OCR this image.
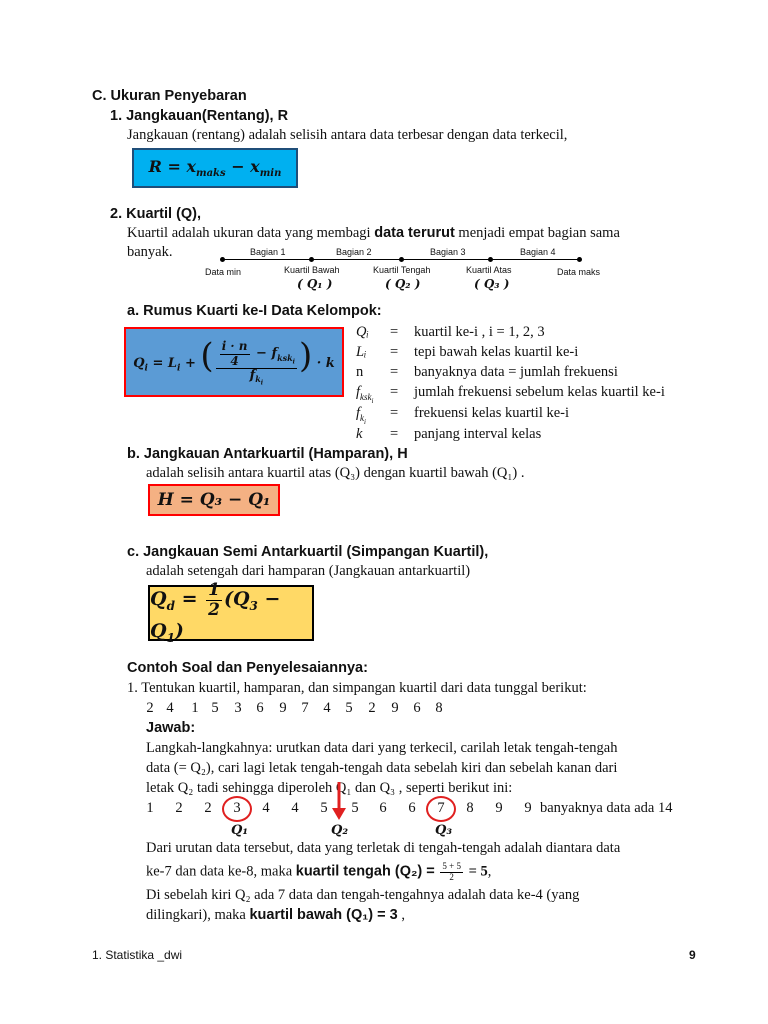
C. Ukuran Penyebaran
1. Jangkauan(Rentang), R
Jangkauan (rentang) adalah selisih antara data terbesar dengan data terkecil,
$R = x_{maks} - x_{min}$
2. Kuartil (Q),
Kuartil adalah ukuran data yang membagi data terurut menjadi empat bagian sama
banyak.	Bagian 1	Bagian 2	Bagian 3	Bagian 4
Data min	Kuartil Bawah	Kuartil Tengah	Kuartil Atas	Data maks
( Q₁ )	( Q₂ )	( Q₃ )
a. Rumus Kuarti ke-I Data Kelompok:
$Q_i = L_i$ + ( $\frac{\frac{i \cdot n}{4} - f_{ksk_i}}{f_{k_i}}$ ) · k
Qᵢ = kuartil ke-i , i = 1, 2, 3
Lᵢ = tepi bawah kelas kuartil ke-i
n = banyaknya data = jumlah frekuensi
$f_{ksk_i}=$ jumlah frekuensi sebelum kelas kuartil ke-i
$f_{k_i}=$ frekuensi kelas kuartil ke-i
k = panjang interval kelas
b. Jangkauan Antarkuartil (Hamparan), H
adalah selisih antara kuartil atas (Q₃) dengan kuartil bawah (Q₁) .
H = Q₃ − Q₁
c. Jangkauan Semi Antarkuartil (Simpangan Kuartil),
adalah setengah dari hamparan (Jangkauan antarkuartil)
$Q_d = \frac{1}{2} (Q_3 - Q_1)$
Contoh Soal dan Penyelesaiannya:
1. Tentukan kuartil, hamparan, dan simpangan kuartil dari data tunggal berikut:
2 4 1 5 3 6 9 7 4 5 2 9 6 8
Jawab:
Langkah-langkahnya: urutkan data dari yang terkecil, carilah letak tengah-tengah
data (= Q₂), cari lagi letak tengah-tengah data sebelah kiri dan sebelah kanan dari
letak Q₂ tadi sehingga diperoleh Q₁ dan Q₃ , seperti berikut ini:
1 2 2 3 4 4 5 5 6 6 7 8 9 9 banyaknya data ada 14
Q₁	Q₂	Q₃
Dari urutan data tersebut, data yang terletak di tengah-tengah adalah diantara data
ke-7 dan data ke-8, maka kuartil tengah $(Q_2) = \frac{5 + 5}{2} = 5$,
Di sebelah kiri Q₂ ada 7 data dan tengah-tengahnya adalah data ke-4 (yang
dilingkari), maka kuartil bawah (Q₁) = 3 ,
1. Statistika _dwi	9
